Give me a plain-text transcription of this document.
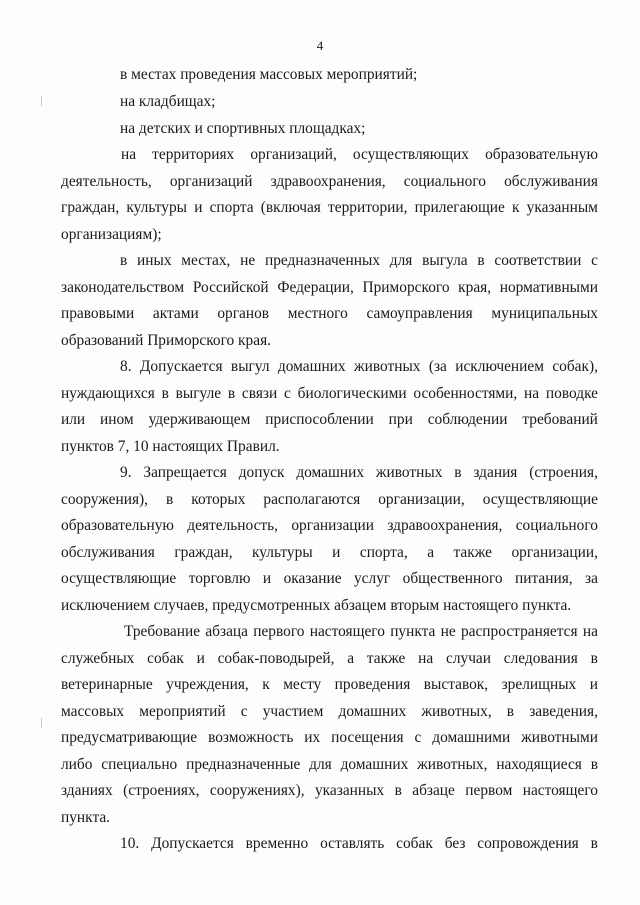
4
в местах проведения массовых мероприятий;
на кладбищах;
на детских и спортивных площадках;
на территориях организаций, осуществляющих образовательную
деятельность, организаций здравоохранения, социального обслуживания
граждан, культуры и спорта (включая территории, прилегающие к указанным
организациям);
в иных местах, не предназначенных для выгула в соответствии с
законодательством Российской Федерации, Приморского края, нормативными
правовыми актами органов местного самоуправления муниципальных
образований Приморского края.
8. Допускается выгул домашних животных (за исключением собак),
нуждающихся в выгуле в связи с биологическими особенностями, на поводке
или ином удерживающем приспособлении при соблюдении требований
пунктов 7, 10 настоящих Правил.
9. Запрещается допуск домашних животных в здания (строения,
сооружения), в которых располагаются организации, осуществляющие
образовательную деятельность, организации здравоохранения, социального
обслуживания граждан, культуры и спорта, а также организации,
осуществляющие торговлю и оказание услуг общественного питания, за
исключением случаев, предусмотренных абзацем вторым настоящего пункта.
Требование абзаца первого настоящего пункта не распространяется на
служебных собак и собак-поводырей, а также на случаи следования в
ветеринарные учреждения, к месту проведения выставок, зрелищных и
массовых мероприятий с участием домашних животных, в заведения,
предусматривающие возможность их посещения с домашними животными
либо специально предназначенные для домашних животных, находящиеся в
зданиях (строениях, сооружениях), указанных в абзаце первом настоящего
пункта.
10. Допускается временно оставлять собак без сопровождения в
